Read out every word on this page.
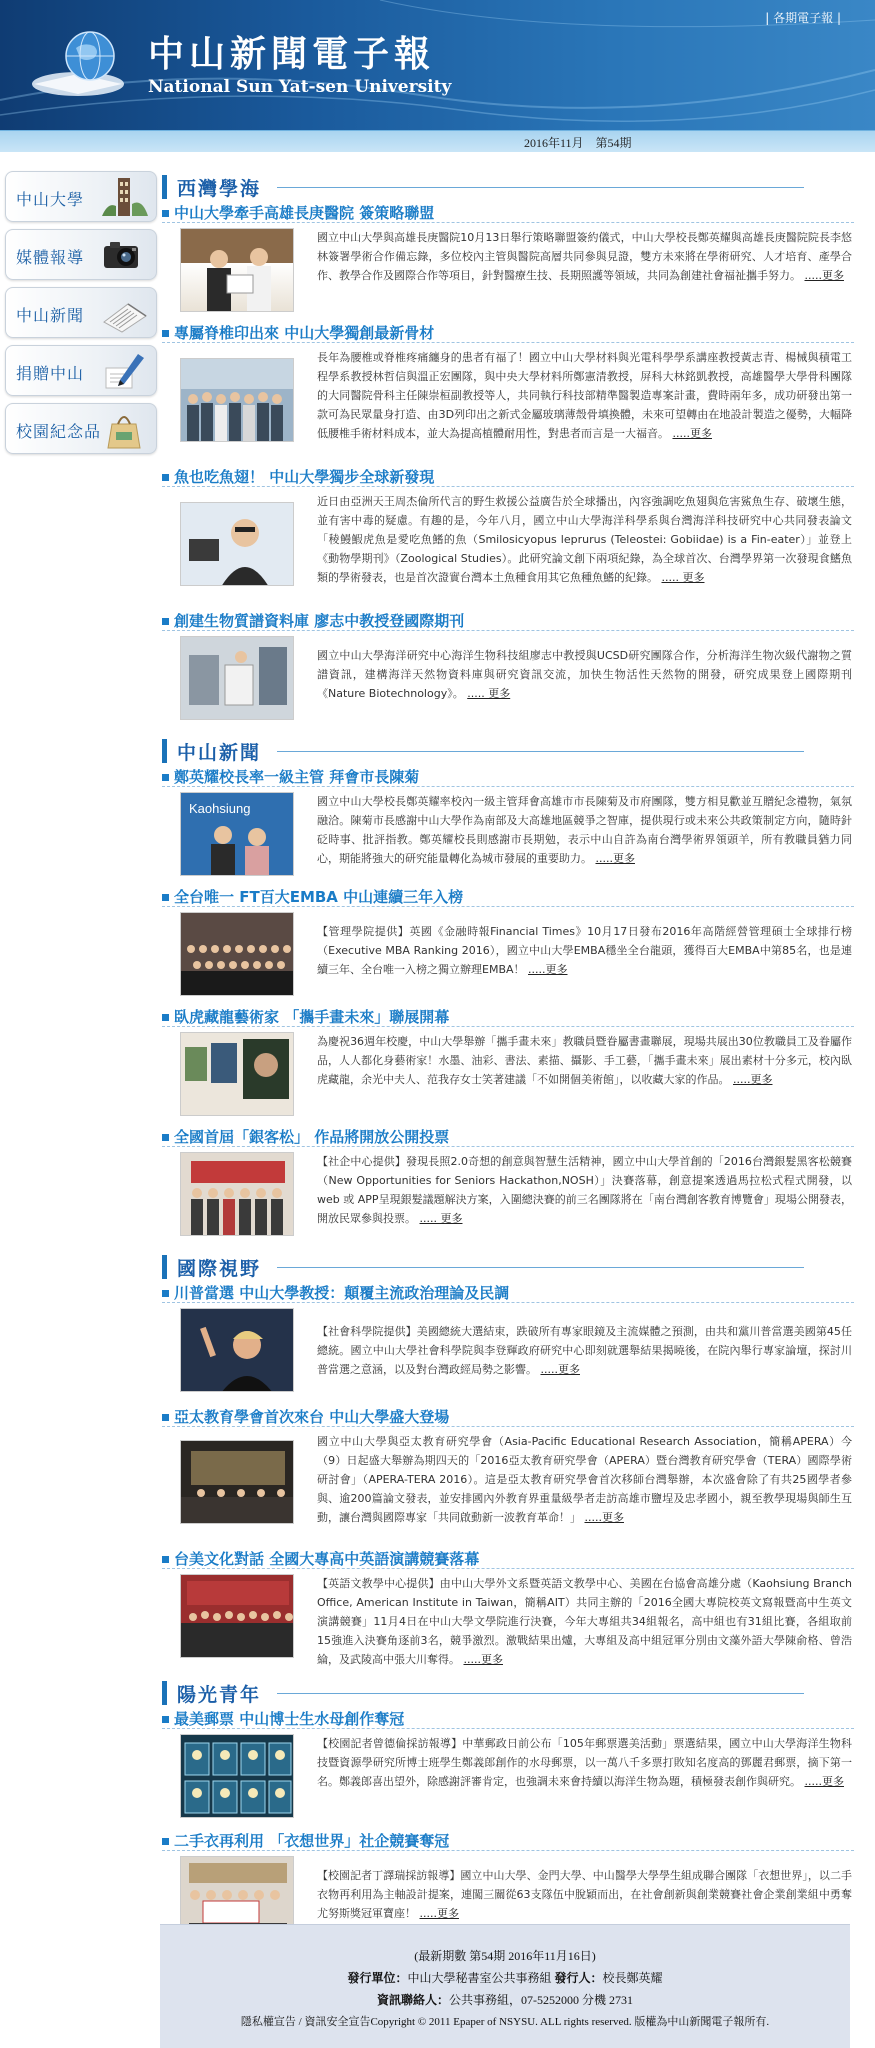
中山新聞電子報
National Sun Yat-sen University
| 各期電子報 |
2016年11月　第54期
中山大學
媒體報導
中山新聞
捐贈中山
校園紀念品
西灣學海
中山大學牽手高雄長庚醫院 簽策略聯盟
國立中山大學與高雄長庚醫院10月13日舉行策略聯盟簽約儀式，中山大學校長鄭英耀與高雄長庚醫院院長李悠林簽署學術合作備忘錄，多位校內主管與醫院高層共同參與見證，雙方未來將在學術研究、人才培育、產學合作、教學合作及國際合作等項目，針對醫療生技、長期照護等領域，共同為創建社會福祉攜手努力。 .....更多
專屬脊椎印出來 中山大學獨創最新骨材
長年為腰椎或脊椎疼痛纏身的患者有福了！國立中山大學材料與光電科學學系講座教授黃志青、楊械與積電工程學系教授林哲信與溫正宏團隊，與中央大學材料所鄭憲清教授，屏科大林銘凱教授，高雄醫學大學骨科團隊的大同醫院骨科主任陳崇桓副教授等人，共同執行科技部精準醫製造專案計畫，費時兩年多，成功研發出第一款可為民眾量身打造、由3D列印出之新式金屬玻璃薄殼骨填換體，未來可望轉由在地設計製造之優勢，大幅降低腰椎手術材料成本，並大為提高植體耐用性，對患者而言是一大福音。 .....更多
魚也吃魚翅！ 中山大學獨步全球新發現
近日由亞洲天王周杰倫所代言的野生救援公益廣告於全球播出，內容強調吃魚翅與危害鯊魚生存、破壞生態，並有害中毒的疑慮。有趣的是，今年八月，國立中山大學海洋科學系與台灣海洋科技研究中心共同發表論文「稜鰻鰕虎魚是愛吃魚鰭的魚（Smilosicyopus leprurus (Teleostei: Gobiidae) is a Fin-eater）」並登上《動物學期刊》（Zoological Studies）。此研究論文創下兩項紀錄，為全球首次、台灣學界第一次發現食鰭魚類的學術發表，也是首次證實台灣本土魚種食用其它魚種魚鰭的紀錄。 ..... 更多
創建生物質譜資料庫 廖志中教授登國際期刊
國立中山大學海洋研究中心海洋生物科技組廖志中教授與UCSD研究團隊合作，分析海洋生物次級代謝物之質譜資訊，建構海洋天然物資料庫與研究資訊交流，加快生物活性天然物的開發，研究成果登上國際期刊《Nature Biotechnology》。 ..... 更多
中山新聞
鄭英耀校長率一級主管 拜會市長陳菊
Kaohsiung	國立中山大學校長鄭英耀率校內一級主管拜會高雄市市長陳菊及市府團隊，雙方相見歡並互贈紀念禮物，氣氛融洽。陳菊市長感謝中山大學作為南部及大高雄地區競爭之智庫，提供現行或未來公共政策制定方向，隨時針砭時事、批評指教。鄭英耀校長則感謝市長期勉，表示中山自許為南台灣學術界領頭羊，所有教職員猶力同心，期能將強大的研究能量轉化為城市發展的重要助力。 .....更多
全台唯一 FT百大EMBA 中山連續三年入榜
【管理學院提供】英國《金融時報Financial Times》10月17日發布2016年高階經營管理碩士全球排行榜（Executive MBA Ranking 2016），國立中山大學EMBA穩坐全台龍頭，獲得百大EMBA中第85名，也是連續三年、全台唯一入榜之獨立辦理EMBA！ .....更多
臥虎藏龍藝術家 「攜手畫未來」聯展開幕
為慶祝36週年校慶，中山大學舉辦「攜手畫未來」教職員暨眷屬書畫聯展，現場共展出30位教職員工及眷屬作品，人人都化身藝術家！水墨、油彩、書法、素描、攝影、手工藝，「攜手畫未來」展出素材十分多元，校內臥虎藏龍，余光中夫人、范我存女士笑著建議「不如開個美術館」，以收藏大家的作品。 .....更多
全國首屆「銀客松」 作品將開放公開投票
【社企中心提供】發現長照2.0奇想的創意與智慧生活精神，國立中山大學首創的「2016台灣銀髮黑客松競賽（New Opportunities for Seniors Hackathon,NOSH）」決賽落幕，創意提案透過馬拉松式程式開發，以web 或 APP呈現銀髮議題解決方案，入圍總決賽的前三名團隊將在「南台灣創客教育博覽會」現場公開發表，開放民眾參與投票。 ..... 更多
國際視野
川普當選 中山大學教授：顛覆主流政治理論及民調
【社會科學院提供】美國總統大選結束，跌破所有專家眼鏡及主流媒體之預測，由共和黨川普當選美國第45任總統。國立中山大學社會科學院與李登輝政府研究中心即刻就選舉結果揭曉後，在院內舉行專家論壇，探討川普當選之意涵，以及對台灣政經局勢之影響。 .....更多
亞太教育學會首次來台 中山大學盛大登場
國立中山大學與亞太教育研究學會（Asia-Pacific Educational Research Association，簡稱APERA）今（9）日起盛大舉辦為期四天的「2016亞太教育研究學會（APERA）暨台灣教育研究學會（TERA）國際學術研討會」（APERA-TERA 2016）。這是亞太教育研究學會首次移師台灣舉辦，本次盛會除了有共25國學者參與、逾200篇論文發表，並安排國內外教育界重量級學者走訪高雄市鹽埕及忠孝國小，親至教學現場與師生互動，讓台灣與國際專家「共同啟動新一波教育革命！」 .....更多
台美文化對話 全國大專高中英語演講競賽落幕
【英語文教學中心提供】由中山大學外文系暨英語文教學中心、美國在台協會高雄分處（Kaohsiung Branch Office, American Institute in Taiwan，簡稱AIT）共同主辦的「2016全國大專院校英文寫報暨高中生英文演講競賽」11月4日在中山大學文學院進行決賽，今年大專組共34組報名，高中組也有31組比賽，各組取前15強進入決賽角逐前3名，競爭激烈。激戰結果出爐，大專組及高中組冠軍分別由文藻外語大學陳俞格、曾浩綸，及武陵高中張大川奪得。 .....更多
陽光青年
最美郵票 中山博士生水母創作奪冠
【校園記者曾德倫採訪報導】中華郵政日前公布「105年郵票選美活動」票選結果，國立中山大學海洋生物科技暨資源學研究所博士班學生鄭義郎創作的水母郵票，以一萬八千多票打敗知名度高的鄧麗君郵票，摘下第一名。鄭義郎喜出望外，除感謝評審肯定，也強調未來會持續以海洋生物為題，積極發表創作與研究。 .....更多
二手衣再利用 「衣想世界」社企競賽奪冠
【校園記者丁譯瑞採訪報導】國立中山大學、金門大學、中山醫學大學學生組成聯合團隊「衣想世界」，以二手衣物再利用為主軸設計提案，連闖三關從63支隊伍中脫穎而出，在社會創新與創業競賽社會企業創業組中勇奪尤努斯獎冠軍寶座！ .....更多
(最新期數 第54期 2016年11月16日)
發行單位：中山大學秘書室公共事務組 發行人：校長鄭英耀
資訊聯絡人：公共事務組，07-5252000 分機 2731
隱私權宣告 / 資訊安全宣告Copyright © 2011 Epaper of NSYSU. ALL rights reserved. 版權為中山新聞電子報所有.
